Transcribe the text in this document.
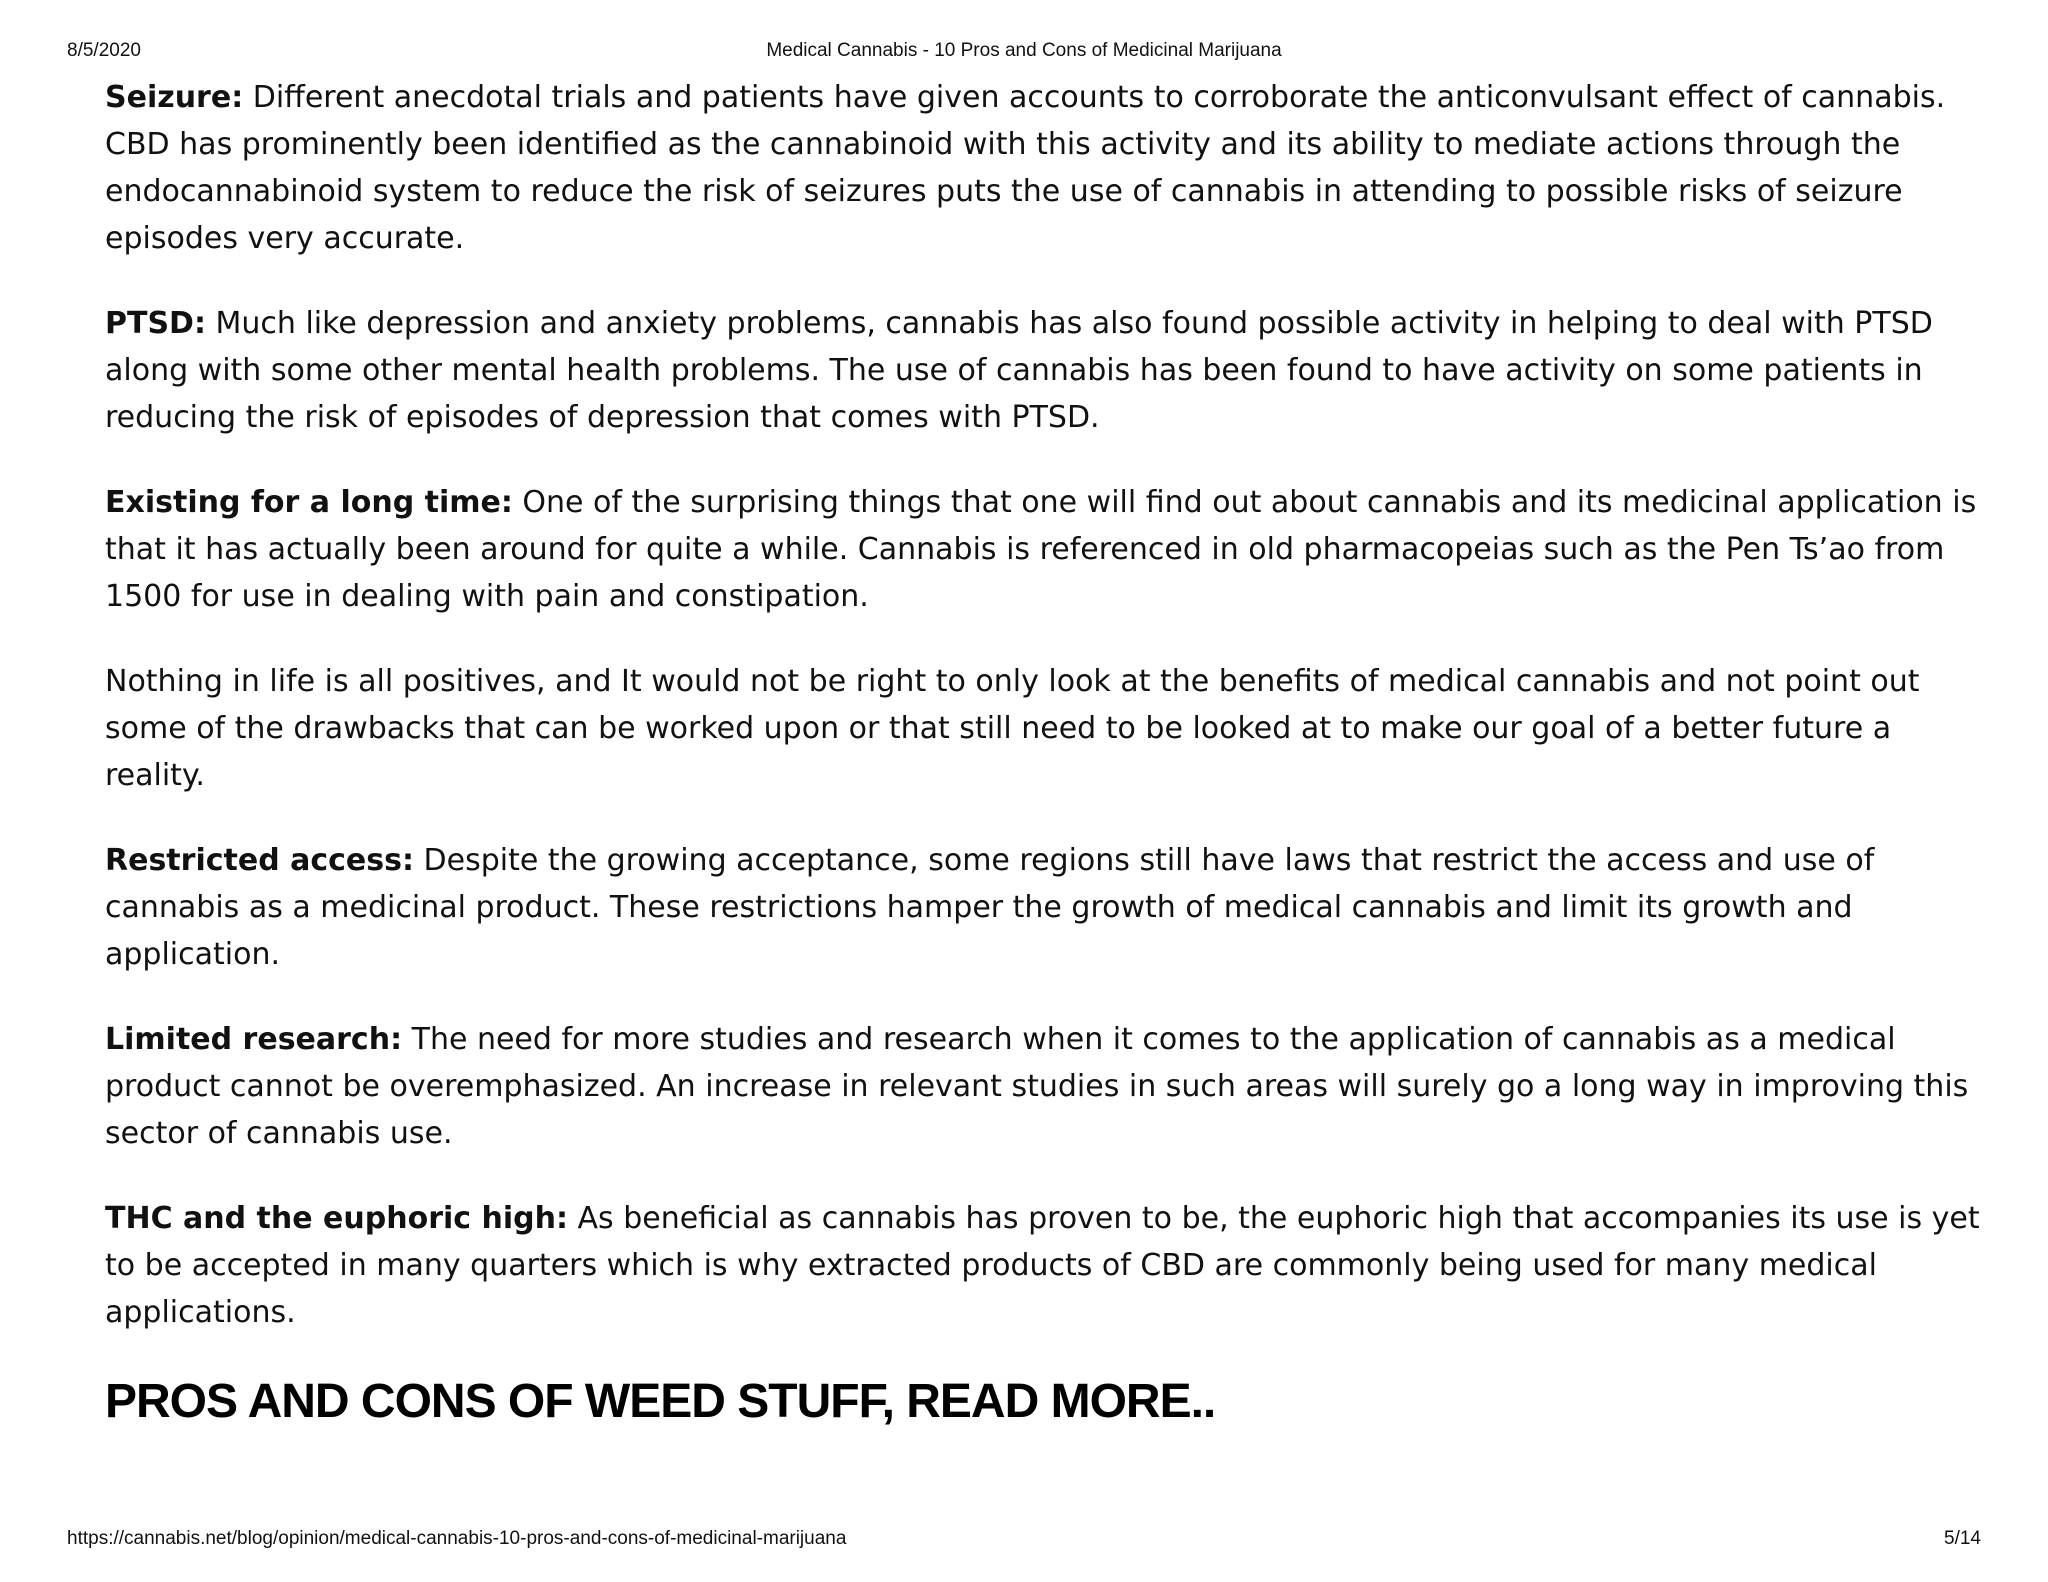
8/5/2020	Medical Cannabis - 10 Pros and Cons of Medicinal Marijuana

Seizure: Different anecdotal trials and patients have given accounts to corroborate the anticonvulsant effect of cannabis. CBD has prominently been identified as the cannabinoid with this activity and its ability to mediate actions through the endocannabinoid system to reduce the risk of seizures puts the use of cannabis in attending to possible risks of seizure episodes very accurate.

PTSD: Much like depression and anxiety problems, cannabis has also found possible activity in helping to deal with PTSD along with some other mental health problems. The use of cannabis has been found to have activity on some patients in reducing the risk of episodes of depression that comes with PTSD.

Existing for a long time: One of the surprising things that one will find out about cannabis and its medicinal application is that it has actually been around for quite a while. Cannabis is referenced in old pharmacopeias such as the Pen Ts’ao from 1500 for use in dealing with pain and constipation.

Nothing in life is all positives, and It would not be right to only look at the benefits of medical cannabis and not point out some of the drawbacks that can be worked upon or that still need to be looked at to make our goal of a better future a reality.

Restricted access: Despite the growing acceptance, some regions still have laws that restrict the access and use of cannabis as a medicinal product. These restrictions hamper the growth of medical cannabis and limit its growth and application.

Limited research: The need for more studies and research when it comes to the application of cannabis as a medical product cannot be overemphasized. An increase in relevant studies in such areas will surely go a long way in improving this sector of cannabis use.

THC and the euphoric high: As beneficial as cannabis has proven to be, the euphoric high that accompanies its use is yet to be accepted in many quarters which is why extracted products of CBD are commonly being used for many medical applications.

PROS AND CONS OF WEED STUFF, READ MORE..
https://cannabis.net/blog/opinion/medical-cannabis-10-pros-and-cons-of-medicinal-marijuana	5/14
